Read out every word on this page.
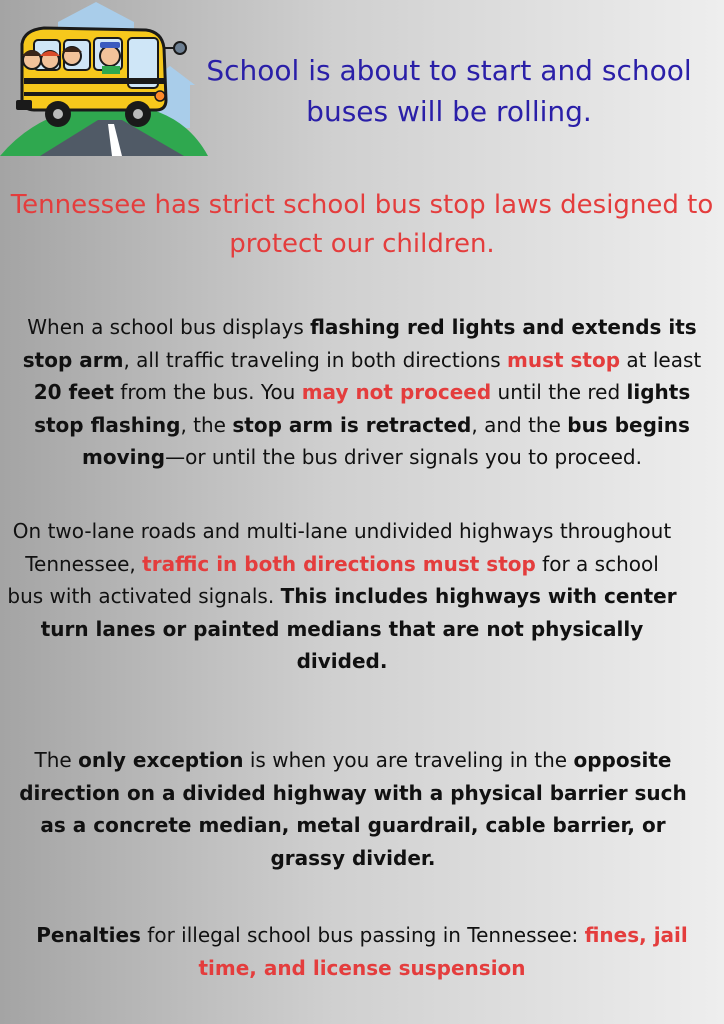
School is about to start and school buses will be rolling.

Tennessee has strict school bus stop laws designed to protect our children.

When a school bus displays flashing red lights and extends its stop arm, all traffic traveling in both directions must stop at least 20 feet from the bus. You may not proceed until the red lights stop flashing, the stop arm is retracted, and the bus begins moving—or until the bus driver signals you to proceed.

On two-lane roads and multi-lane undivided highways throughout Tennessee, traffic in both directions must stop for a school bus with activated signals. This includes highways with center turn lanes or painted medians that are not physically divided.

The only exception is when you are traveling in the opposite direction on a divided highway with a physical barrier such as a concrete median, metal guardrail, cable barrier, or grassy divider.

Penalties for illegal school bus passing in Tennessee: fines, jail time, and license suspension
